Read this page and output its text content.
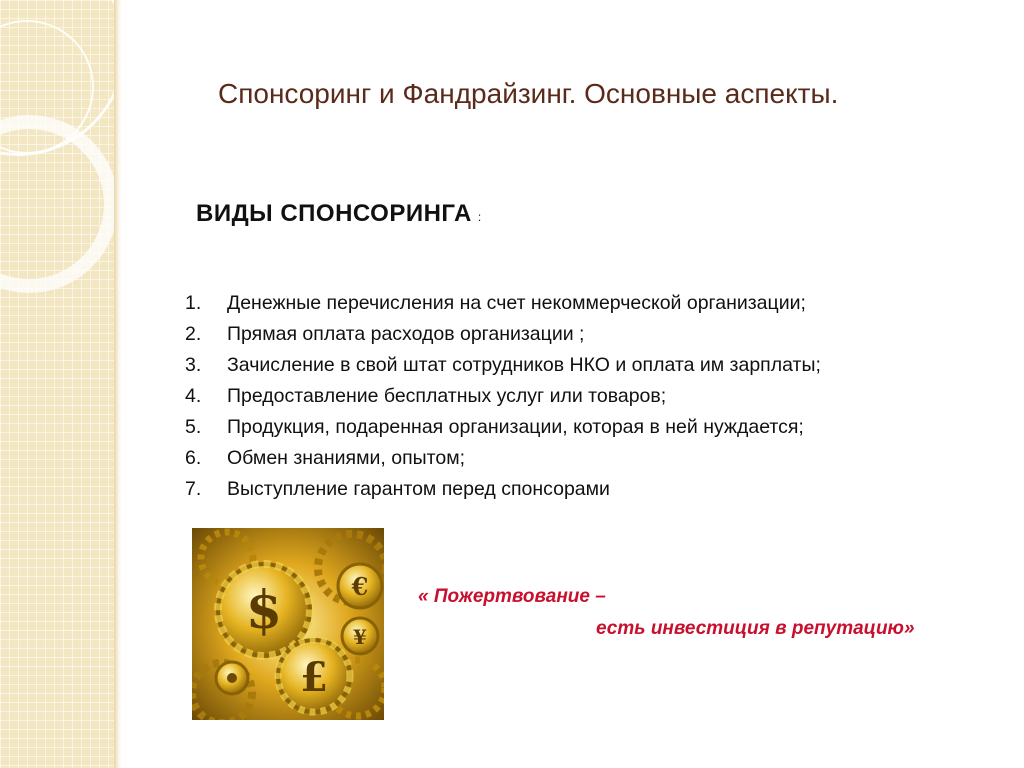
Спонсоринг и Фандрайзинг. Основные аспекты.
ВИДЫ СПОНСОРИНГА :
1.	Денежные перечисления на счет некоммерческой организации;
2.	Прямая оплата расходов организации ;
3.	Зачисление в свой штат сотрудников НКО и оплата им зарплаты;
4.	Предоставление бесплатных услуг или товаров;
5.	Продукция, подаренная организации, которая в ней нуждается;
6.	Обмен знаниями, опытом;
7.	Выступление гарантом перед спонсорами
$
£
€
¥
« Пожертвование –
есть инвестиция в репутацию»
